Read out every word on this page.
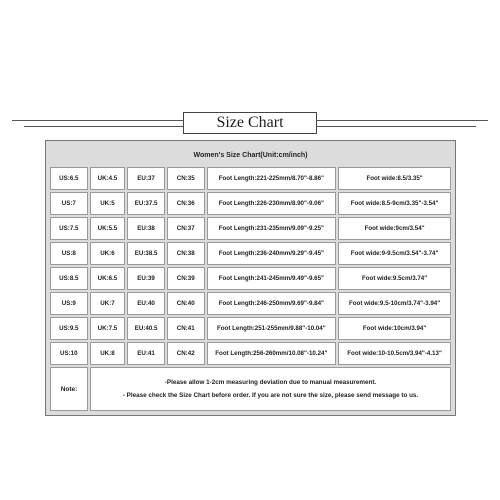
Size Chart
Women's Size Chart(Unit:cm/inch)
US:6.5	UK:4.5	EU:37	CN:35	Foot Length:221-225mm/8.70"-8.86"	Foot wide:8.5/3.35"
US:7	UK:5	EU:37.5	CN:36	Foot Length:226-230mm/8.90"-9.06"	Foot wide:8.5-9cm/3.35"-3.54"
US:7.5	UK:5.5	EU:38	CN:37	Foot Length:231-235mm/9.09"-9.25"	Foot wide:9cm/3.54"
US:8	UK:6	EU:38.5	CN:38	Foot Length:236-240mm/9.29"-9.45"	Foot wide:9-9.5cm/3.54"-3.74"
US:8.5	UK:6.5	EU:39	CN:39	Foot Length:241-245mm/9.49"-9.65"	Foot wide:9.5cm/3.74"
US:9	UK:7	EU:40	CN:40	Foot Length:246-250mm/9.69"-9.84"	Foot wide:9.5-10cm/3.74"-3.94"
US:9.5	UK:7.5	EU:40.5	CN:41	Foot Length:251-255mm/9.88"-10.04"	Foot wide:10cm/3.94"
US:10	UK:8	EU:41	CN:42	Foot Length:256-260mm/10.08"-10.24"	Foot wide:10-10.5cm/3.94"-4.13"
Note:
-Please allow 1-2cm measuring deviation due to manual measurement.
- Please check the Size Chart before order. If you are not sure the size, please send message to us.
